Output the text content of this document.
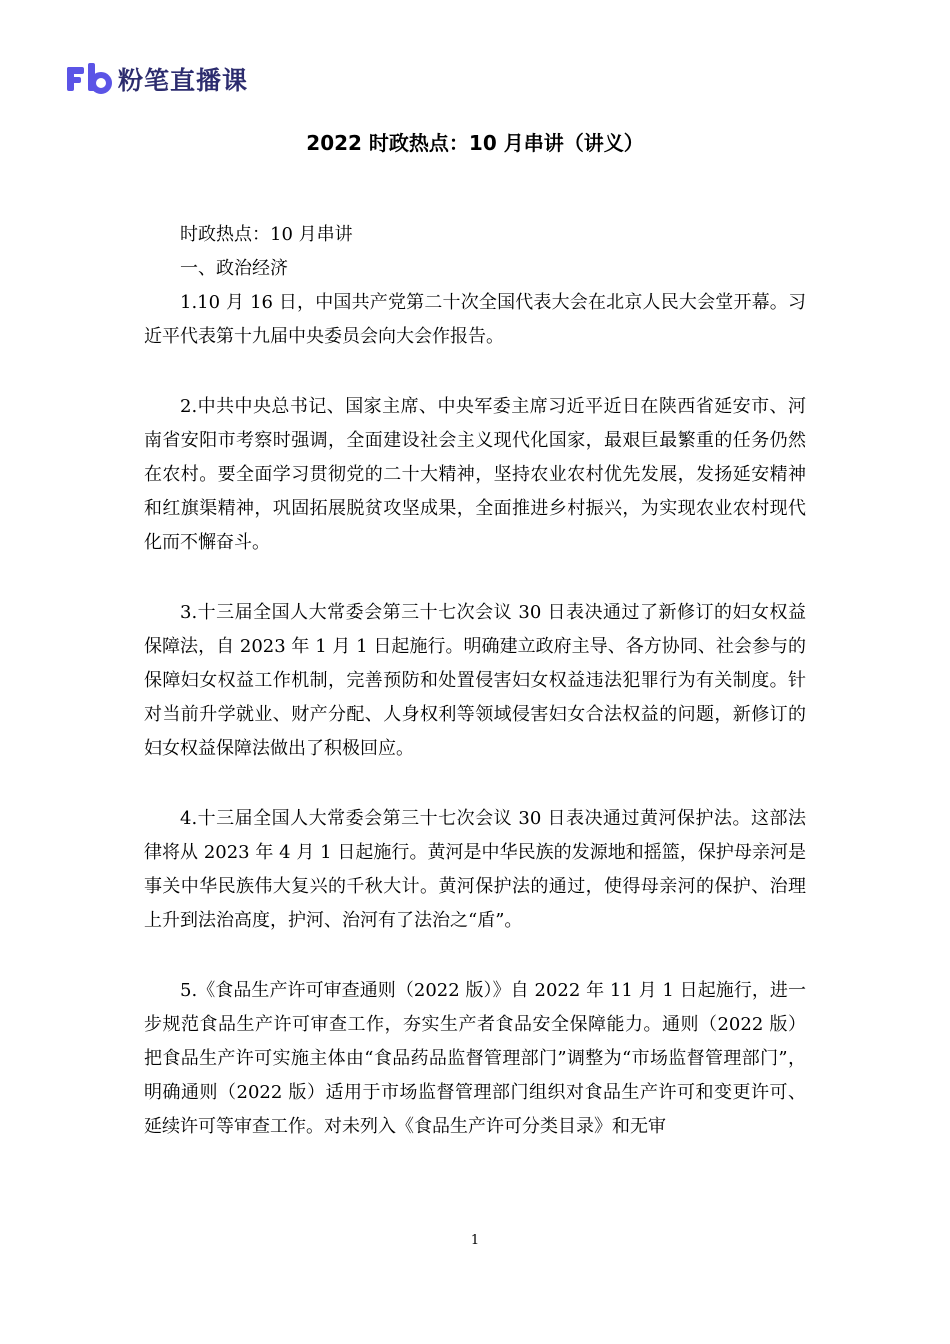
粉笔直播课
2022 时政热点：10 月串讲（讲义）

时政热点：10 月串讲

一、政治经济

1.10 月 16 日，中国共产党第二十次全国代表大会在北京人民大会堂开幕。习近平代表第十九届中央委员会向大会作报告。

2.中共中央总书记、国家主席、中央军委主席习近平近日在陕西省延安市、河南省安阳市考察时强调，全面建设社会主义现代化国家，最艰巨最繁重的任务仍然在农村。要全面学习贯彻党的二十大精神，坚持农业农村优先发展，发扬延安精神和红旗渠精神，巩固拓展脱贫攻坚成果，全面推进乡村振兴，为实现农业农村现代化而不懈奋斗。

3.十三届全国人大常委会第三十七次会议 30 日表决通过了新修订的妇女权益保障法，自 2023 年 1 月 1 日起施行。明确建立政府主导、各方协同、社会参与的保障妇女权益工作机制，完善预防和处置侵害妇女权益违法犯罪行为有关制度。针对当前升学就业、财产分配、人身权利等领域侵害妇女合法权益的问题，新修订的妇女权益保障法做出了积极回应。

4.十三届全国人大常委会第三十七次会议 30 日表决通过黄河保护法。这部法律将从 2023 年 4 月 1 日起施行。黄河是中华民族的发源地和摇篮，保护母亲河是事关中华民族伟大复兴的千秋大计。黄河保护法的通过，使得母亲河的保护、治理上升到法治高度，护河、治河有了法治之“盾”。

5.《食品生产许可审查通则（2022 版）》自 2022 年 11 月 1 日起施行，进一步规范食品生产许可审查工作，夯实生产者食品安全保障能力。通则（2022 版）把食品生产许可实施主体由“食品药品监督管理部门”调整为“市场监督管理部门”，明确通则（2022 版）适用于市场监督管理部门组织对食品生产许可和变更许可、延续许可等审查工作。对未列入《食品生产许可分类目录》和无审

1
